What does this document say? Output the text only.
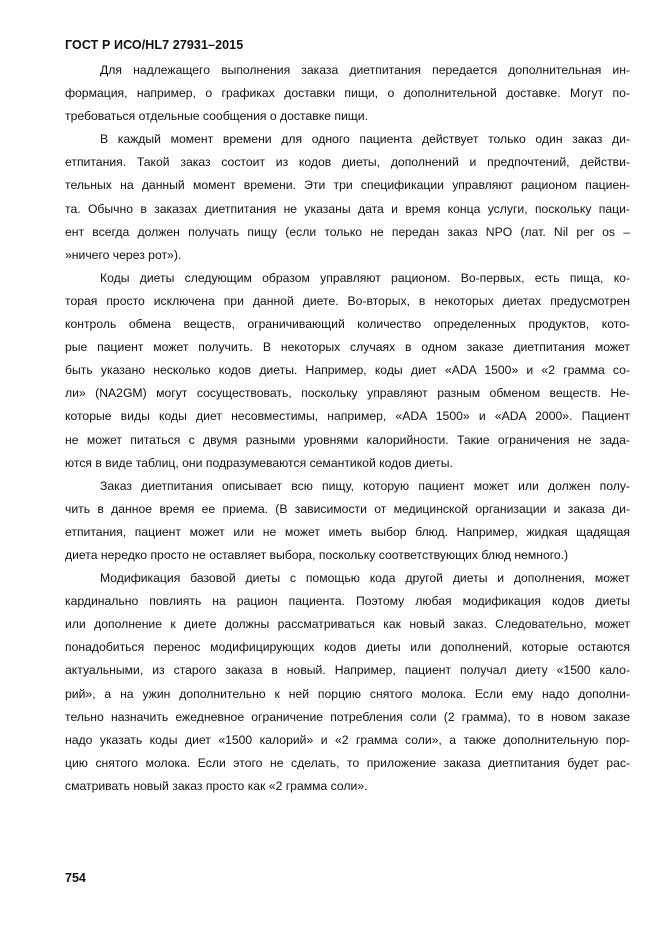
ГОСТ Р ИСО/HL7 27931–2015
Для надлежащего выполнения заказа диетпитания передается дополнительная ин-
формация, например, о графиках доставки пищи, о дополнительной доставке. Могут по-
требоваться отдельные сообщения о доставке пищи.
В каждый момент времени для одного пациента действует только один заказ ди-
етпитания. Такой заказ состоит из кодов диеты, дополнений и предпочтений, действи-
тельных на данный момент времени. Эти три спецификации управляют рационом пациен-
та. Обычно в заказах диетпитания не указаны дата и время конца услуги, поскольку паци-
ент всегда должен получать пищу (если только не передан заказ NPO (лат. Nil per os –
»ничего через рот»).
Коды диеты следующим образом управляют рационом. Во-первых, есть пища, ко-
торая просто исключена при данной диете. Во-вторых, в некоторых диетах предусмотрен
контроль обмена веществ, ограничивающий количество определенных продуктов, кото-
рые пациент может получить. В некоторых случаях в одном заказе диетпитания может
быть указано несколько кодов диеты. Например, коды диет «ADA 1500» и «2 грамма со-
ли» (NA2GM) могут сосуществовать, поскольку управляют разным обменом веществ. Не-
которые виды коды диет несовместимы, например, «ADA 1500» и «ADA 2000». Пациент
не может питаться с двумя разными уровнями калорийности. Такие ограничения не зада-
ются в виде таблиц, они подразумеваются семантикой кодов диеты.
Заказ диетпитания описывает всю пищу, которую пациент может или должен полу-
чить в данное время ее приема. (В зависимости от медицинской организации и заказа ди-
етпитания, пациент может или не может иметь выбор блюд. Например, жидкая щадящая
диета нередко просто не оставляет выбора, поскольку соответствующих блюд немного.)
Модификация базовой диеты с помощью кода другой диеты и дополнения, может
кардинально повлиять на рацион пациента. Поэтому любая модификация кодов диеты
или дополнение к диете должны рассматриваться как новый заказ. Следовательно, может
понадобиться перенос модифицирующих кодов диеты или дополнений, которые остаются
актуальными, из старого заказа в новый. Например, пациент получал диету «1500 кало-
рий», а на ужин дополнительно к ней порцию снятого молока. Если ему надо дополни-
тельно назначить ежедневное ограничение потребления соли (2 грамма), то в новом заказе
надо указать коды диет «1500 калорий» и «2 грамма соли», а также дополнительную пор-
цию снятого молока. Если этого не сделать, то приложение заказа диетпитания будет рас-
сматривать новый заказ просто как «2 грамма соли».
754
